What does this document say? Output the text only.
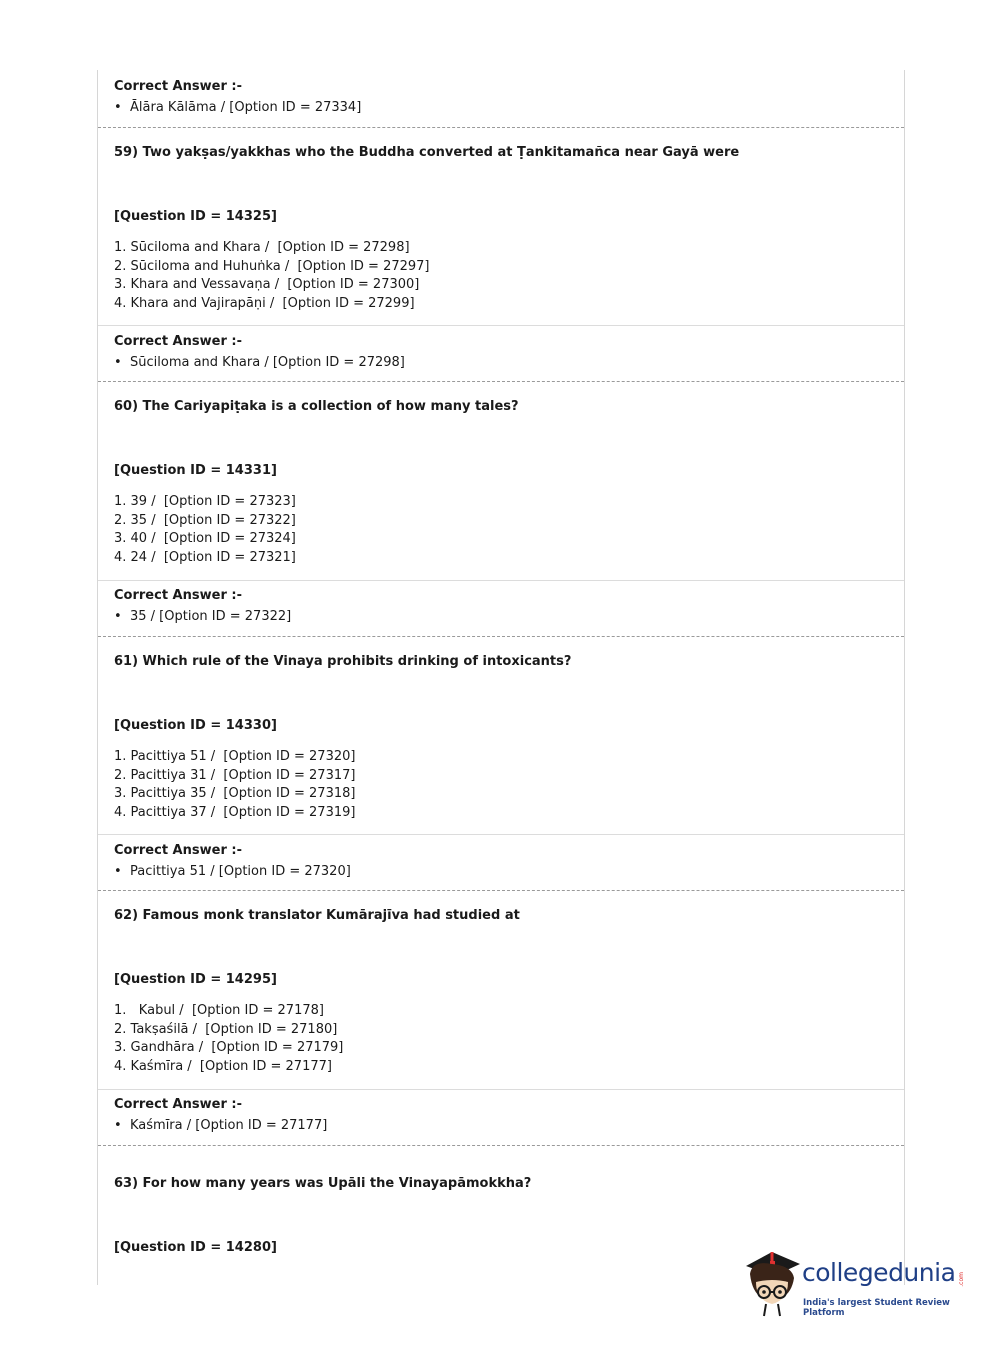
Correct Answer :-
• Ālāra Kālāma / [Option ID = 27334]
59) Two yakṣas/yakkhas who the Buddha converted at Ṭankitamañca near Gayā were
[Question ID = 14325]
1. Sūciloma and Khara /  [Option ID = 27298]
2. Sūciloma and Huhuṅka /  [Option ID = 27297]
3. Khara and Vessavaṇa /  [Option ID = 27300]
4. Khara and Vajirapāṇi /  [Option ID = 27299]
Correct Answer :-
• Sūciloma and Khara / [Option ID = 27298]
60) The Cariyapiṭaka is a collection of how many tales?
[Question ID = 14331]
1. 39 /  [Option ID = 27323]
2. 35 /  [Option ID = 27322]
3. 40 /  [Option ID = 27324]
4. 24 /  [Option ID = 27321]
Correct Answer :-
• 35 / [Option ID = 27322]
61) Which rule of the Vinaya prohibits drinking of intoxicants?
[Question ID = 14330]
1. Pacittiya 51 /  [Option ID = 27320]
2. Pacittiya 31 /  [Option ID = 27317]
3. Pacittiya 35 /  [Option ID = 27318]
4. Pacittiya 37 /  [Option ID = 27319]
Correct Answer :-
• Pacittiya 51 / [Option ID = 27320]
62) Famous monk translator Kumārajīva had studied at
[Question ID = 14295]
1.   Kabul /  [Option ID = 27178]
2. Takṣaśilā /  [Option ID = 27180]
3. Gandhāra /  [Option ID = 27179]
4. Kaśmīra /  [Option ID = 27177]
Correct Answer :-
• Kaśmīra / [Option ID = 27177]
63) For how many years was Upāli the Vinayapāmokkha?
[Question ID = 14280]
collegedunia .com
India's largest Student Review Platform
